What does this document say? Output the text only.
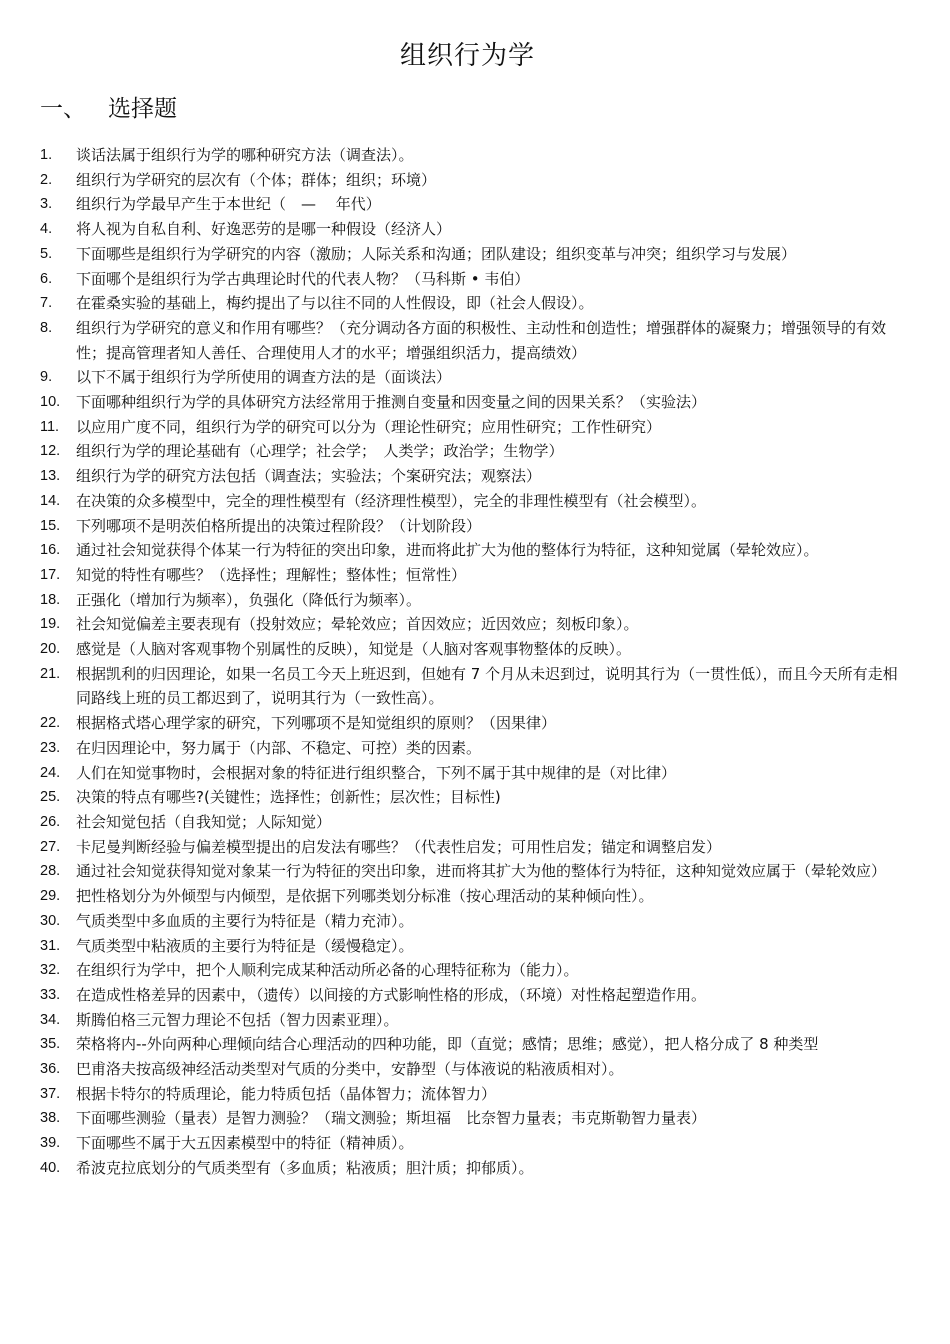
组织行为学
一、 选择题
1.	谈话法属于组织行为学的哪种研究方法（调查法）。
2.	组织行为学研究的层次有（个体；群体；组织；环境）
3.	组织行为学最早产生于本世纪（　—　 年代）
4.	将人视为自私自利、好逸恶劳的是哪一种假设（经济人）
5.	下面哪些是组织行为学研究的内容（激励；人际关系和沟通；团队建设；组织变革与冲突；组织学习与发展）
6.	下面哪个是组织行为学古典理论时代的代表人物？（马科斯 • 韦伯）
7.	在霍桑实验的基础上，梅约提出了与以往不同的人性假设，即（社会人假设）。
8.	组织行为学研究的意义和作用有哪些？（充分调动各方面的积极性、主动性和创造性；增强群体的凝聚力；增强领导的有效性；提高管理者知人善任、合理使用人才的水平；增强组织活力，提高绩效）
9.	以下不属于组织行为学所使用的调查方法的是（面谈法）
10.	下面哪种组织行为学的具体研究方法经常用于推测自变量和因变量之间的因果关系？（实验法）
11.	以应用广度不同，组织行为学的研究可以分为（理论性研究；应用性研究；工作性研究）
12.	组织行为学的理论基础有（心理学；社会学；　人类学；政治学；生物学）
13.	组织行为学的研究方法包括（调查法；实验法；个案研究法；观察法）
14.	在决策的众多模型中，完全的理性模型有（经济理性模型），完全的非理性模型有（社会模型）。
15.	下列哪项不是明茨伯格所提出的决策过程阶段？（计划阶段）
16.	通过社会知觉获得个体某一行为特征的突出印象，进而将此扩大为他的整体行为特征，这种知觉属（晕轮效应）。
17.	知觉的特性有哪些？（选择性；理解性；整体性；恒常性）
18.	正强化（增加行为频率），负强化（降低行为频率）。
19.	社会知觉偏差主要表现有（投射效应；晕轮效应；首因效应；近因效应；刻板印象）。
20.	感觉是（人脑对客观事物个别属性的反映），知觉是（人脑对客观事物整体的反映）。
21.	根据凯利的归因理论，如果一名员工今天上班迟到，但她有 7 个月从未迟到过，说明其行为（一贯性低），而且今天所有走相同路线上班的员工都迟到了，说明其行为（一致性高）。
22.	根据格式塔心理学家的研究，下列哪项不是知觉组织的原则？（因果律）
23.	在归因理论中，努力属于（内部、不稳定、可控）类的因素。
24.	人们在知觉事物时，会根据对象的特征进行组织整合，下列不属于其中规律的是（对比律）
25.	决策的特点有哪些?(关键性；选择性；创新性；层次性；目标性)
26.	社会知觉包括（自我知觉；人际知觉）
27.	卡尼曼判断经验与偏差模型提出的启发法有哪些？（代表性启发；可用性启发；锚定和调整启发）
28.	通过社会知觉获得知觉对象某一行为特征的突出印象，进而将其扩大为他的整体行为特征，这种知觉效应属于（晕轮效应）
29.	把性格划分为外倾型与内倾型，是依据下列哪类划分标准（按心理活动的某种倾向性）。
30.	气质类型中多血质的主要行为特征是（精力充沛）。
31.	气质类型中粘液质的主要行为特征是（缓慢稳定）。
32.	在组织行为学中，把个人顺利完成某种活动所必备的心理特征称为（能力）。
33.	在造成性格差异的因素中，（遗传）以间接的方式影响性格的形成，（环境）对性格起塑造作用。
34.	斯腾伯格三元智力理论不包括（智力因素亚理）。
35.	荣格将内--外向两种心理倾向结合心理活动的四种功能，即（直觉；感情；思维；感觉），把人格分成了 8 种类型
36.	巴甫洛夫按高级神经活动类型对气质的分类中，安静型（与体液说的粘液质相对）。
37.	根据卡特尔的特质理论，能力特质包括（晶体智力；流体智力）
38.	下面哪些测验（量表）是智力测验？（瑞文测验；斯坦福　比奈智力量表；韦克斯勒智力量表）
39.	下面哪些不属于大五因素模型中的特征（精神质）。
40.	希波克拉底划分的气质类型有（多血质；粘液质；胆汁质；抑郁质）。
